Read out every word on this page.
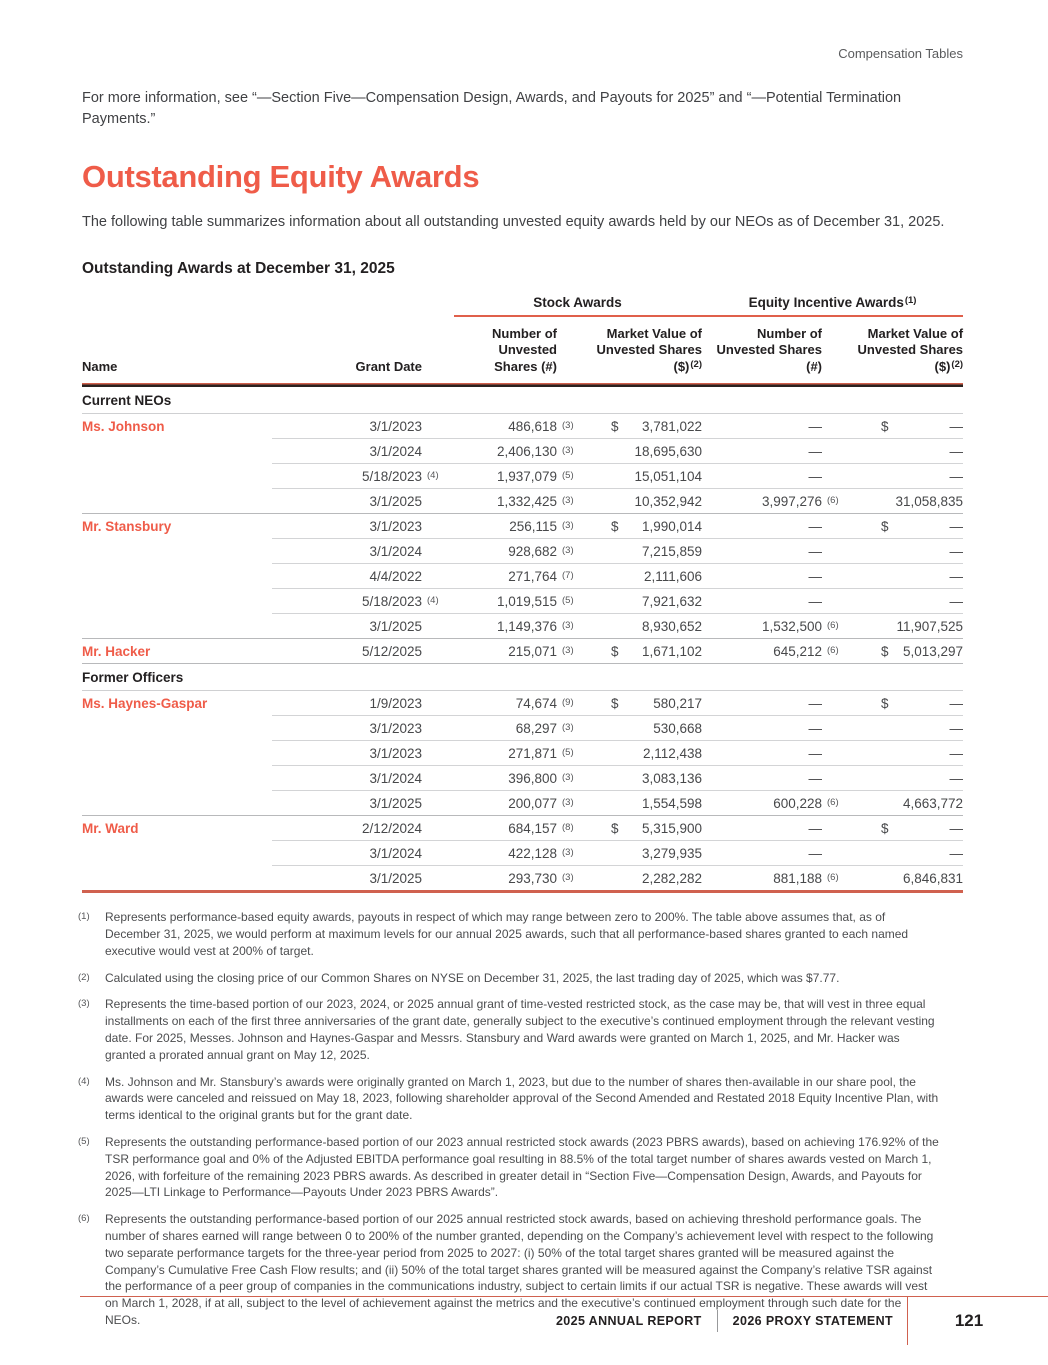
Compensation Tables

For more information, see “—Section Five—Compensation Design, Awards, and Payouts for 2025” and “—Potential Termination Payments.”

Outstanding Equity Awards

The following table summarizes information about all outstanding unvested equity awards held by our NEOs as of December 31, 2025.

Outstanding Awards at December 31, 2025
			Stock Awards			Equity Incentive Awards$^{(1)}$
Name	Grant Date		Number of Unvested Shares (#)		Market Value of Unvested Shares ($)$^{(2)}$	Number of Unvested Shares (#)		Market Value of Unvested Shares ($)$^{(2)}$

Current NEOs								
Ms. Johnson	3/1/2023		486,618	$^{(3)}$	$ 3,781,022	—		$ —

	3/1/2024		2,406,130	$^{(3)}$	18,695,630	—		—

	5/18/2023	$^{(4)}$	1,937,079	$^{(5)}$	15,051,104	—		—

	3/1/2025		1,332,425	$^{(3)}$	10,352,942	3,997,276	$^{(6)}$	31,058,835

Mr. Stansbury	3/1/2023		256,115	$^{(3)}$	$ 1,990,014	—		$ —

	3/1/2024		928,682	$^{(3)}$	7,215,859	—		—

	4/4/2022		271,764	$^{(7)}$	2,111,606	—		—

	5/18/2023	$^{(4)}$	1,019,515	$^{(5)}$	7,921,632	—		—

	3/1/2025		1,149,376	$^{(3)}$	8,930,652	1,532,500	$^{(6)}$	11,907,525

Mr. Hacker	5/12/2025		215,071	$^{(3)}$	$ 1,671,102	645,212	$^{(6)}$	$ 5,013,297

Former Officers								
Ms. Haynes-Gaspar	1/9/2023		74,674	$^{(9)}$	$ 580,217	—		$ —

	3/1/2023		68,297	$^{(3)}$	530,668	—		—

	3/1/2023		271,871	$^{(5)}$	2,112,438	—		—

	3/1/2024		396,800	$^{(3)}$	3,083,136	—		—

	3/1/2025		200,077	$^{(3)}$	1,554,598	600,228	$^{(6)}$	4,663,772

Mr. Ward	2/12/2024		684,157	$^{(8)}$	$ 5,315,900	—		$ —

	3/1/2024		422,128	$^{(3)}$	3,279,935	—		—

	3/1/2025		293,730	$^{(3)}$	2,282,282	881,188	$^{(6)}$	6,846,831
(1)	Represents performance-based equity awards, payouts in respect of which may range between zero to 200%. The table above assumes that, as of December 31, 2025, we would perform at maximum levels for our annual 2025 awards, such that all performance-based shares granted to each named executive would vest at 200% of target.
(2)	Calculated using the closing price of our Common Shares on NYSE on December 31, 2025, the last trading day of 2025, which was $7.77.
(3)	Represents the time-based portion of our 2023, 2024, or 2025 annual grant of time-vested restricted stock, as the case may be, that will vest in three equal installments on each of the first three anniversaries of the grant date, generally subject to the executive’s continued employment through the relevant vesting date. For 2025, Messes. Johnson and Haynes-Gaspar and Messrs. Stansbury and Ward awards were granted on March 1, 2025, and Mr. Hacker was granted a prorated annual grant on May 12, 2025.
(4)	Ms. Johnson and Mr. Stansbury’s awards were originally granted on March 1, 2023, but due to the number of shares then-available in our share pool, the awards were canceled and reissued on May 18, 2023, following shareholder approval of the Second Amended and Restated 2018 Equity Incentive Plan, with terms identical to the original grants but for the grant date.
(5)	Represents the outstanding performance-based portion of our 2023 annual restricted stock awards (2023 PBRS awards), based on achieving 176.92% of the TSR performance goal and 0% of the Adjusted EBITDA performance goal resulting in 88.5% of the total target number of shares awards vested on March 1, 2026, with forfeiture of the remaining 2023 PBRS awards. As described in greater detail in “Section Five—Compensation Design, Awards, and Payouts for 2025—LTI Linkage to Performance—Payouts Under 2023 PBRS Awards”.
(6)	Represents the outstanding performance-based portion of our 2025 annual restricted stock awards, based on achieving threshold performance goals. The number of shares earned will range between 0 to 200% of the number granted, depending on the Company’s achievement level with respect to the following two separate performance targets for the three-year period from 2025 to 2027: (i) 50% of the total target shares granted will be measured against the Company’s Cumulative Free Cash Flow results; and (ii) 50% of the total target shares granted will be measured against the Company’s relative TSR against the performance of a peer group of companies in the communications industry, subject to certain limits if our actual TSR is negative. These awards will vest on March 1, 2028, if at all, subject to the level of achievement against the metrics and the executive’s continued employment through such date for the NEOs.	2025 ANNUAL REPORT 2026 PROXY STATEMENT	121
